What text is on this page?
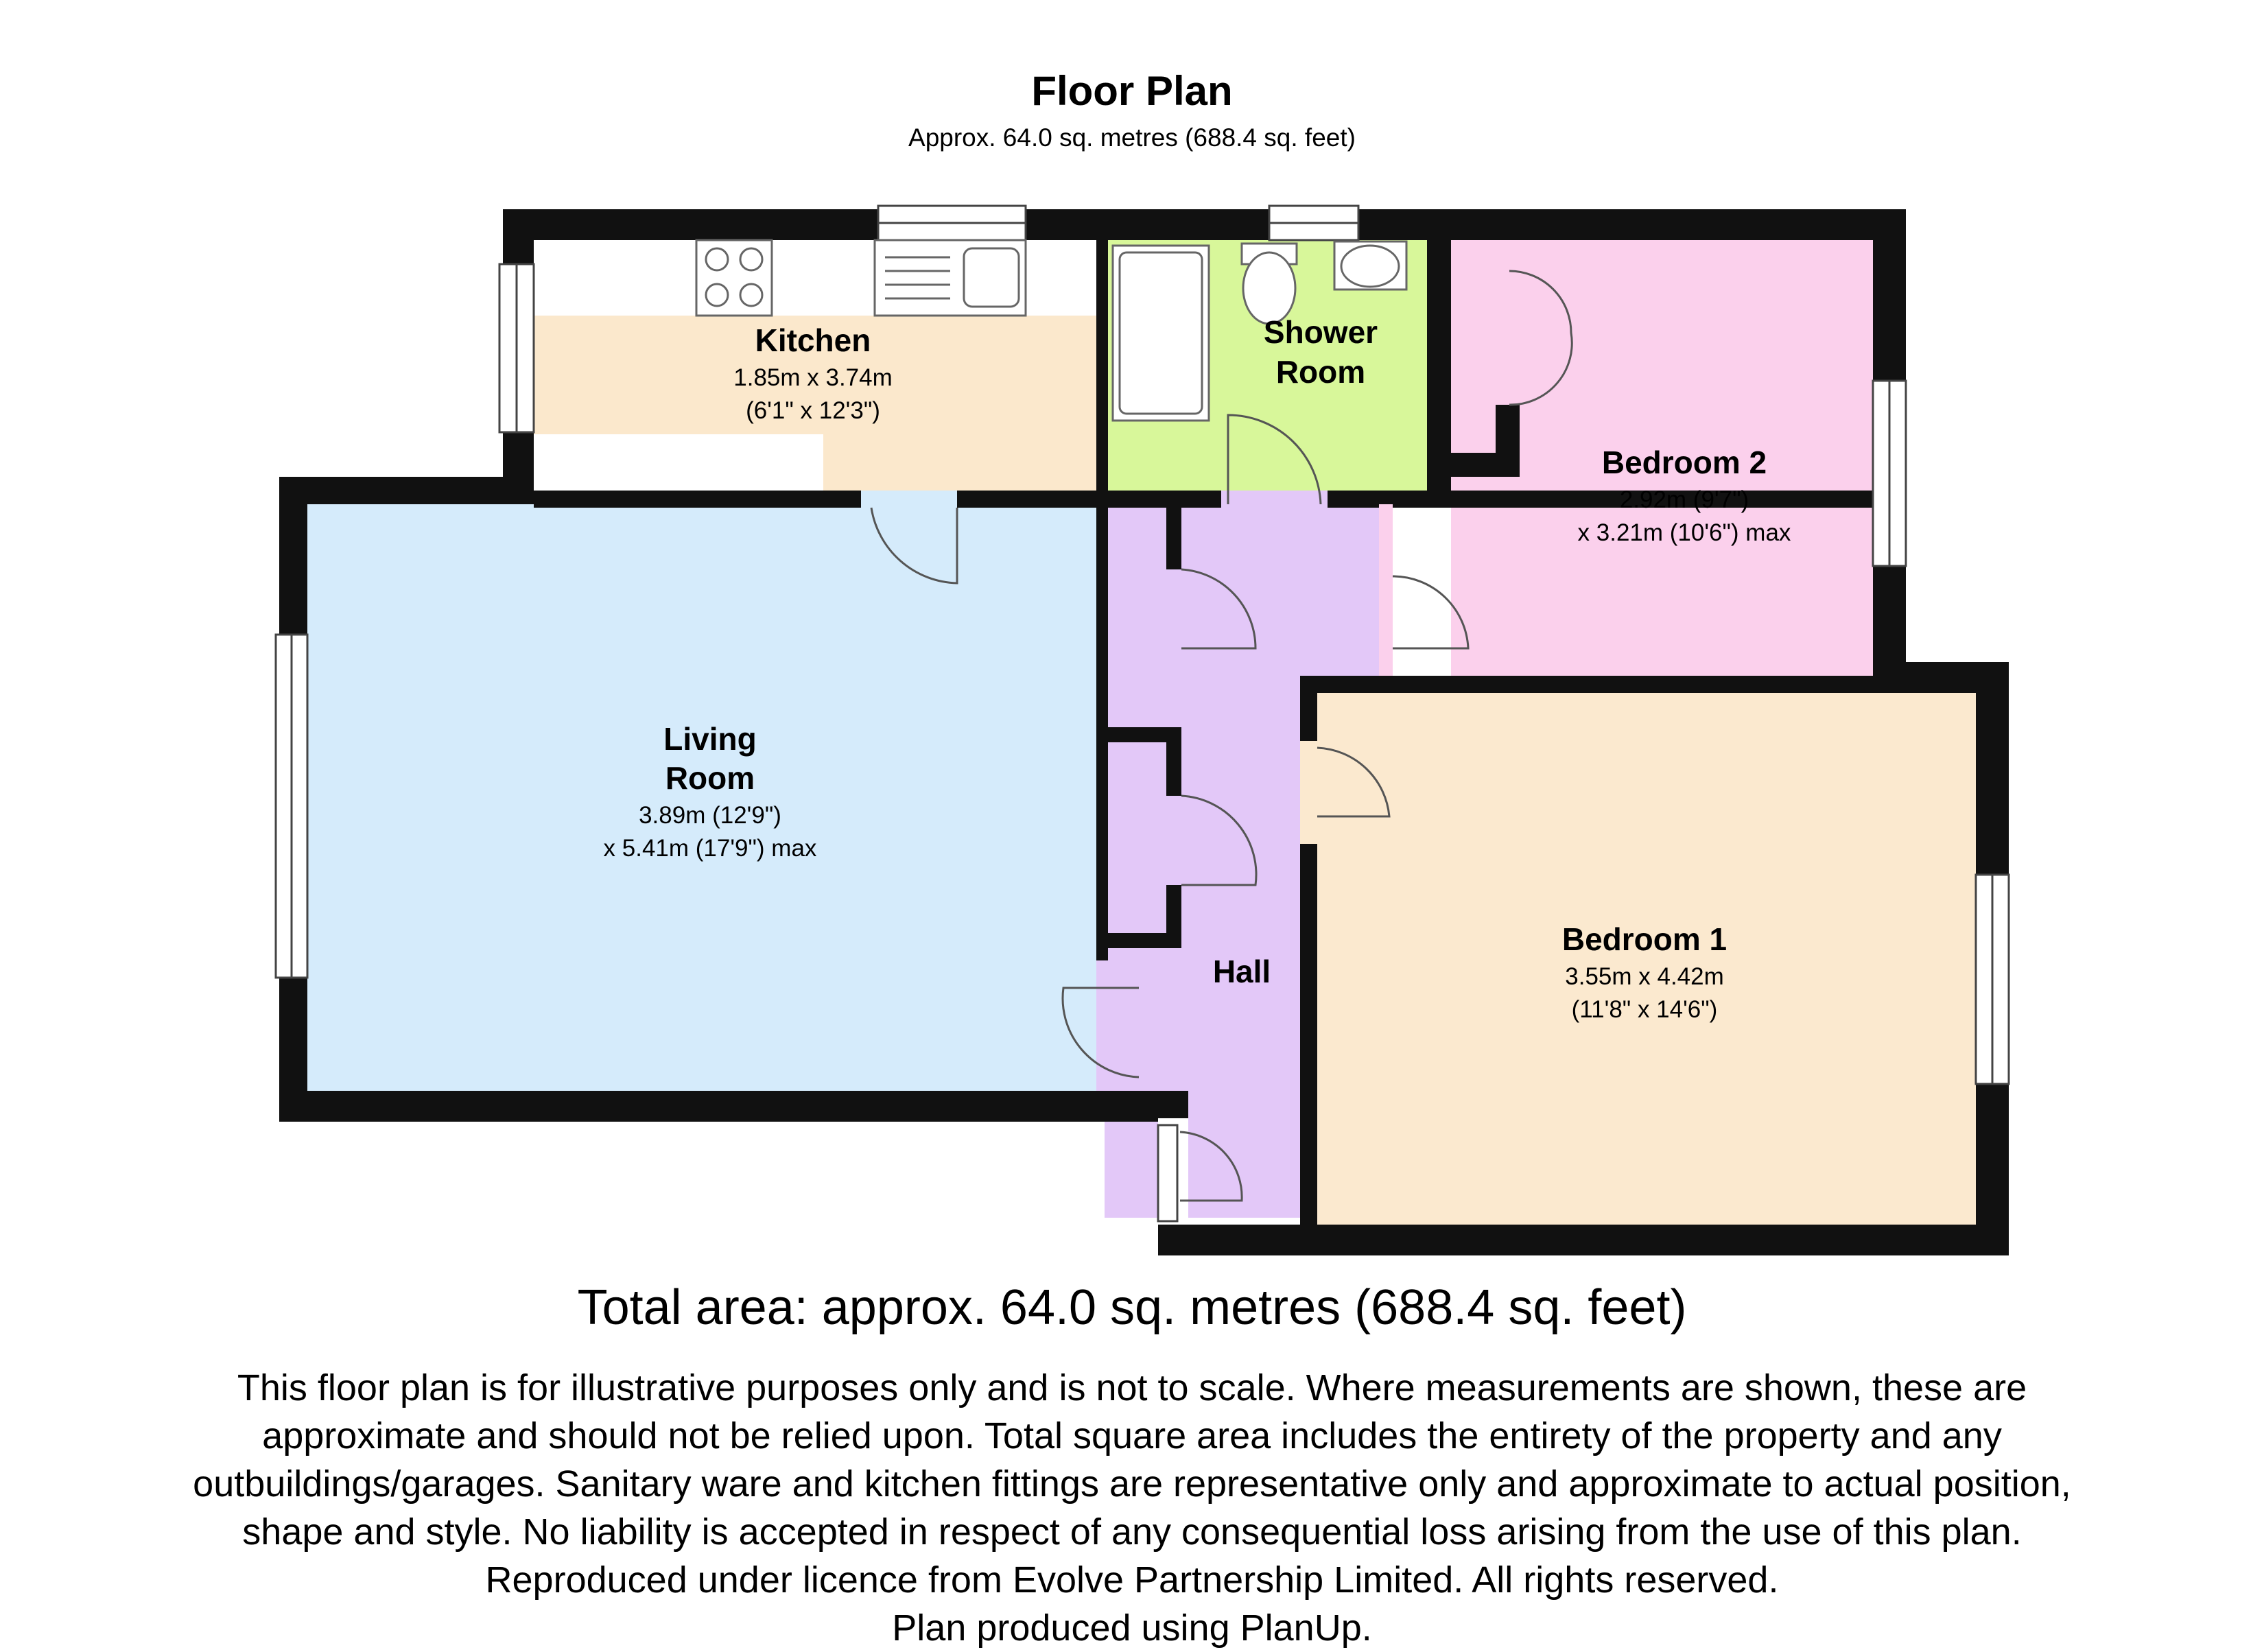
Floor Plan
Approx. 64.0 sq. metres (688.4 sq. feet)
Kitchen
1.85m x 3.74m
(6'1" x 12'3")
Shower
Room
Bedroom 2
2.92m (9'7")
x 3.21m (10'6") max
Living
Room
3.89m (12'9")
x 5.41m (17'9") max
Hall
Bedroom 1
3.55m x 4.42m
(11'8" x 14'6")
Total area: approx. 64.0 sq. metres (688.4 sq. feet)
This floor plan is for illustrative purposes only and is not to scale. Where measurements are shown, these are
approximate and should not be relied upon. Total square area includes the entirety of the property and any
outbuildings/garages. Sanitary ware and kitchen fittings are representative only and approximate to actual position,
shape and style. No liability is accepted in respect of any consequential loss arising from the use of this plan.
Reproduced under licence from Evolve Partnership Limited. All rights reserved.
Plan produced using PlanUp.
